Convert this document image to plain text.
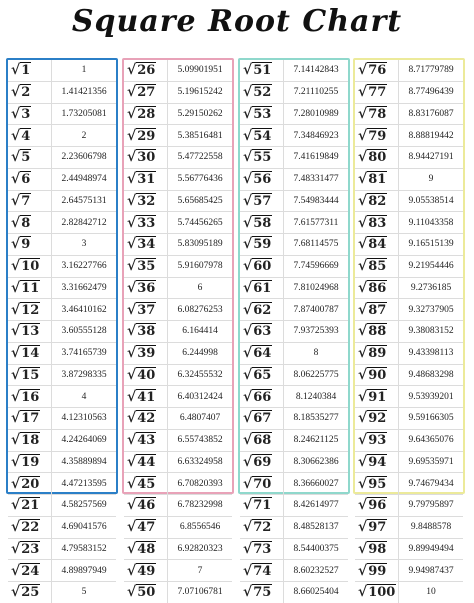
Square Root Chart
√1	1
√2	1.41421356
√3	1.73205081
√4	2
√5	2.23606798
√6	2.44948974
√7	2.64575131
√8	2.82842712
√9	3
√10	3.16227766
√11	3.31662479
√12	3.46410162
√13	3.60555128
√14	3.74165739
√15	3.87298335
√16	4
√17	4.12310563
√18	4.24264069
√19	4.35889894
√20	4.47213595
√21	4.58257569
√22	4.69041576
√23	4.79583152
√24	4.89897949
√25	5
√26	5.09901951
√27	5.19615242
√28	5.29150262
√29	5.38516481
√30	5.47722558
√31	5.56776436
√32	5.65685425
√33	5.74456265
√34	5.83095189
√35	5.91607978
√36	6
√37	6.08276253
√38	6.164414
√39	6.244998
√40	6.32455532
√41	6.40312424
√42	6.4807407
√43	6.55743852
√44	6.63324958
√45	6.70820393
√46	6.78232998
√47	6.8556546
√48	6.92820323
√49	7
√50	7.07106781
√51	7.14142843
√52	7.21110255
√53	7.28010989
√54	7.34846923
√55	7.41619849
√56	7.48331477
√57	7.54983444
√58	7.61577311
√59	7.68114575
√60	7.74596669
√61	7.81024968
√62	7.87400787
√63	7.93725393
√64	8
√65	8.06225775
√66	8.1240384
√67	8.18535277
√68	8.24621125
√69	8.30662386
√70	8.36660027
√71	8.42614977
√72	8.48528137
√73	8.54400375
√74	8.60232527
√75	8.66025404
√76	8.71779789
√77	8.77496439
√78	8.83176087
√79	8.88819442
√80	8.94427191
√81	9
√82	9.05538514
√83	9.11043358
√84	9.16515139
√85	9.21954446
√86	9.2736185
√87	9.32737905
√88	9.38083152
√89	9.43398113
√90	9.48683298
√91	9.53939201
√92	9.59166305
√93	9.64365076
√94	9.69535971
√95	9.74679434
√96	9.79795897
√97	9.8488578
√98	9.89949494
√99	9.94987437
√100	10
